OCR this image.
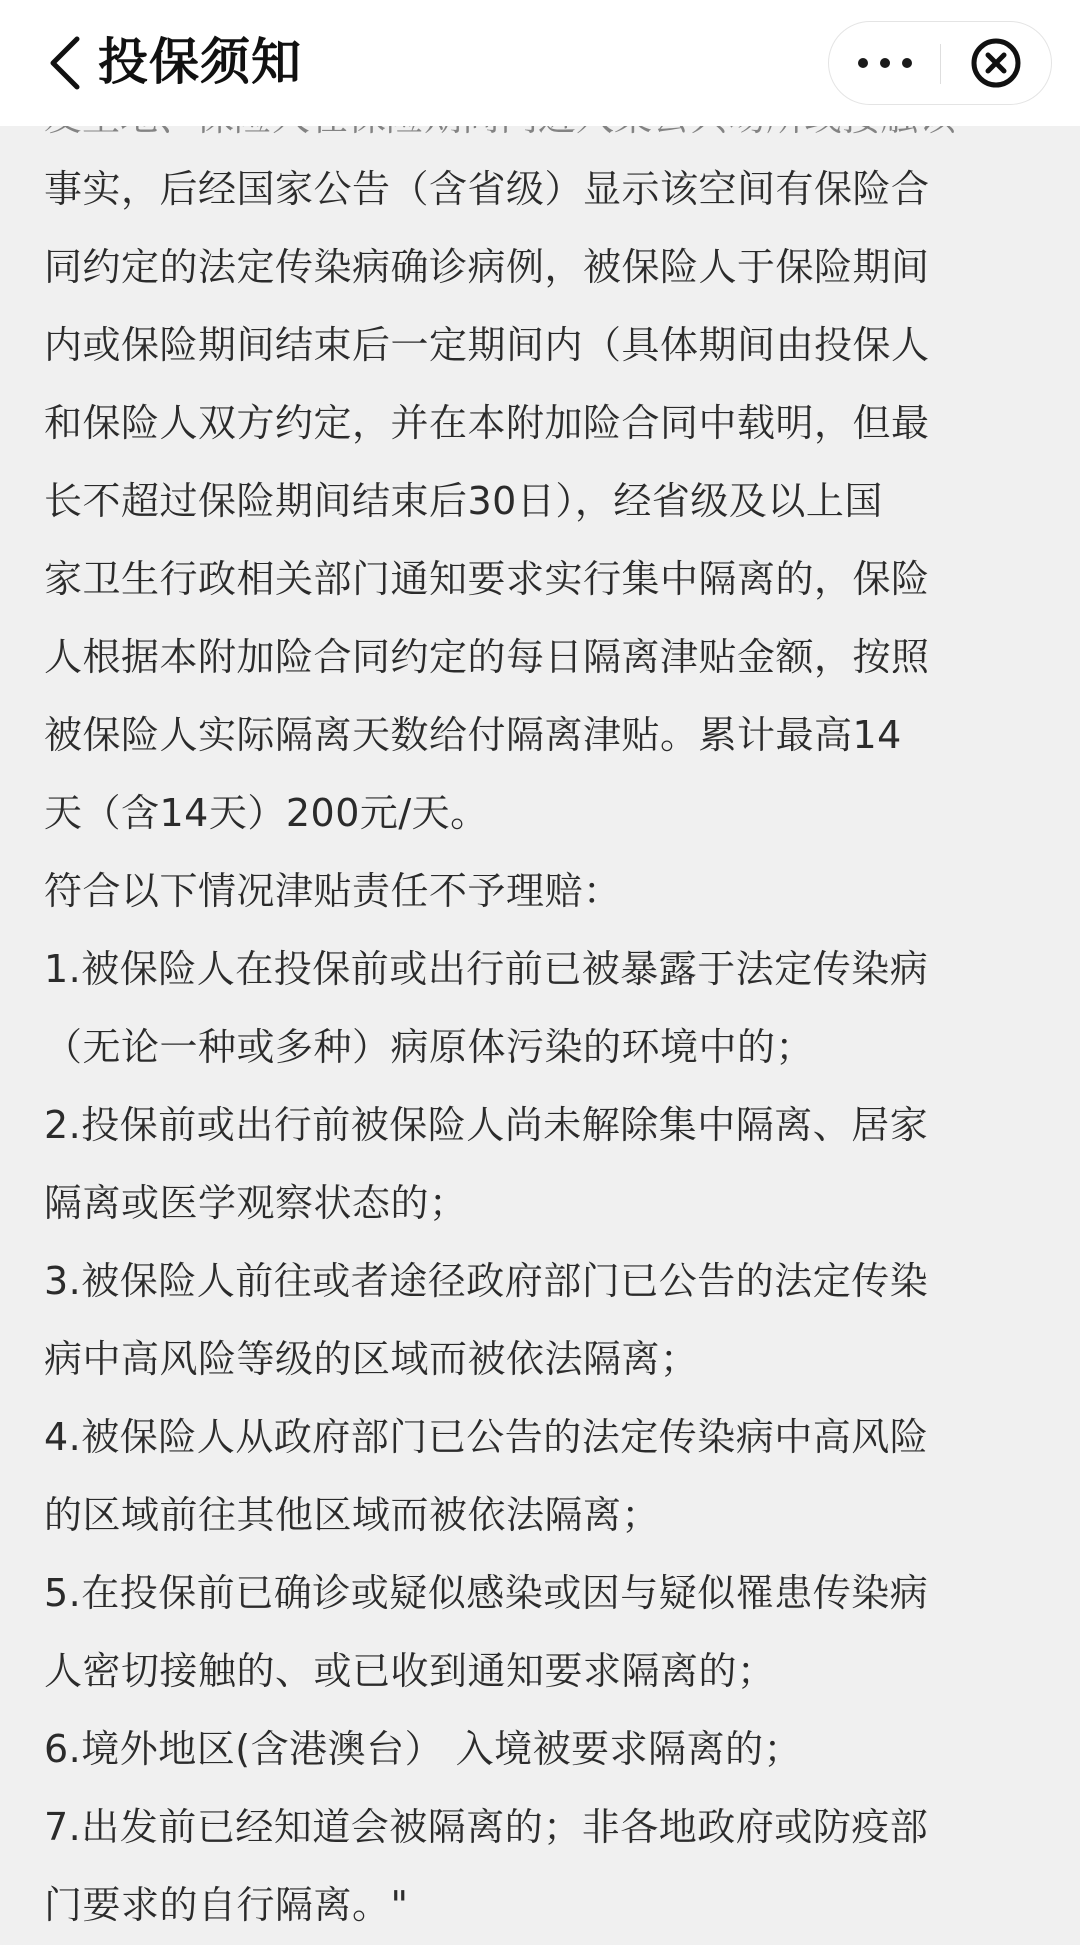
投保须知
事实，后经国家公告（含省级）显示该空间有保险合
同约定的法定传染病确诊病例，被保险人于保险期间
内或保险期间结束后一定期间内（具体期间由投保人
和保险人双方约定，并在本附加险合同中载明，但最
长不超过保险期间结束后30日），经省级及以上国
家卫生行政相关部门通知要求实行集中隔离的，保险
人根据本附加险合同约定的每日隔离津贴金额，按照
被保险人实际隔离天数给付隔离津贴。累计最高14
天（含14天）200元/天。
符合以下情况津贴责任不予理赔：
1.被保险人在投保前或出行前已被暴露于法定传染病
（无论一种或多种）病原体污染的环境中的；
2.投保前或出行前被保险人尚未解除集中隔离、居家
隔离或医学观察状态的；
3.被保险人前往或者途径政府部门已公告的法定传染
病中高风险等级的区域而被依法隔离；
4.被保险人从政府部门已公告的法定传染病中高风险
的区域前往其他区域而被依法隔离；
5.在投保前已确诊或疑似感染或因与疑似罹患传染病
人密切接触的、或已收到通知要求隔离的；
6.境外地区(含港澳台） 入境被要求隔离的；
7.出发前已经知道会被隔离的；非各地政府或防疫部
门要求的自行隔离。"
